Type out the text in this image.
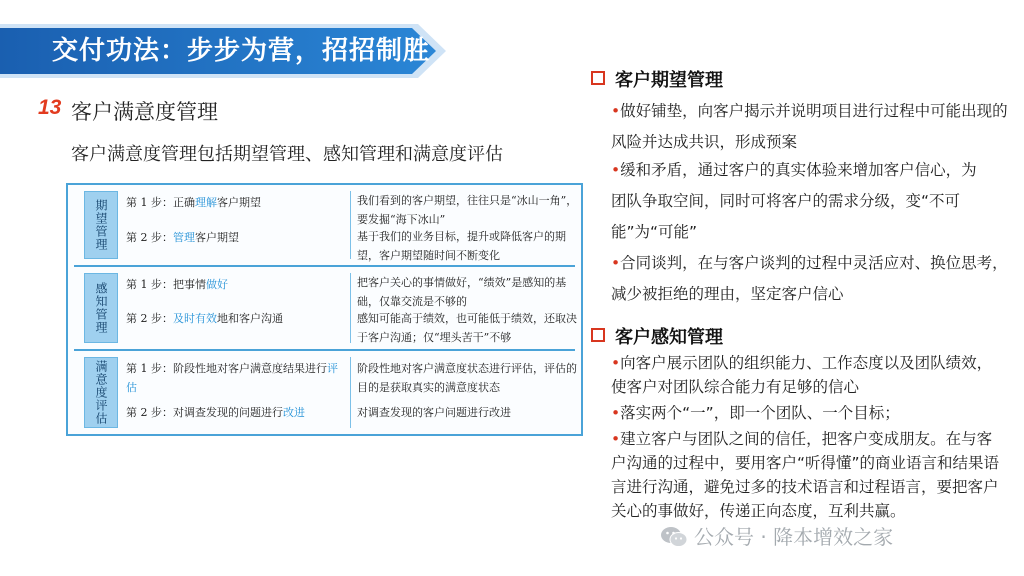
交付功法：步步为营，招招制胜
13 客户满意度管理
客户满意度管理包括期望管理、感知管理和满意度评估
期望管理 第 1 步：正确理解客户期望
第 2 步：管理客户期望
我们看到的客户期望，往往只是“冰山一角”，要发掘“海下冰山”
基于我们的业务目标，提升或降低客户的期望，客户期望随时间不断变化
感知管理 第 1 步：把事情做好
第 2 步：及时有效地和客户沟通
把客户关心的事情做好，“绩效”是感知的基础，仅靠交流是不够的
感知可能高于绩效，也可能低于绩效，还取决于客户沟通；仅“埋头苦干”不够
满意度评估 第 1 步：阶段性地对客户满意度结果进行评估
第 2 步：对调查发现的问题进行改进
阶段性地对客户满意度状态进行评估，评估的目的是获取真实的满意度状态
对调查发现的客户问题进行改进
客户期望管理
•做好铺垫，向客户揭示并说明项目进行过程中可能出现的风险并达成共识，形成预案
•缓和矛盾，通过客户的真实体验来增加客户信心，为团队争取空间，同时可将客户的需求分级，变“不可能”为“可能”
•合同谈判，在与客户谈判的过程中灵活应对、换位思考，减少被拒绝的理由，坚定客户信心
客户感知管理
•向客户展示团队的组织能力、工作态度以及团队绩效，使客户对团队综合能力有足够的信心
•落实两个“一”，即一个团队、一个目标；
•建立客户与团队之间的信任，把客户变成朋友。在与客户沟通的过程中，要用客户“听得懂”的商业语言和结果语言进行沟通，避免过多的技术语言和过程语言，要把客户关心的事做好，传递正向态度，互利共赢。
公众号 · 降本增效之家
